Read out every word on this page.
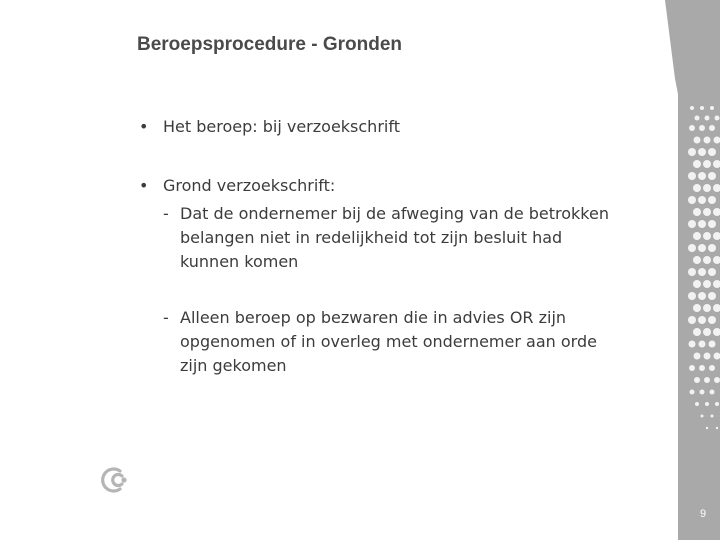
Beroepsprocedure - Gronden
• Het beroep: bij verzoekschrift
• Grond verzoekschrift:
- Dat de ondernemer bij de afweging van de betrokken belangen niet in redelijkheid tot zijn besluit had kunnen komen
- Alleen beroep op bezwaren die in advies OR zijn opgenomen of in overleg met ondernemer aan orde zijn gekomen
9
